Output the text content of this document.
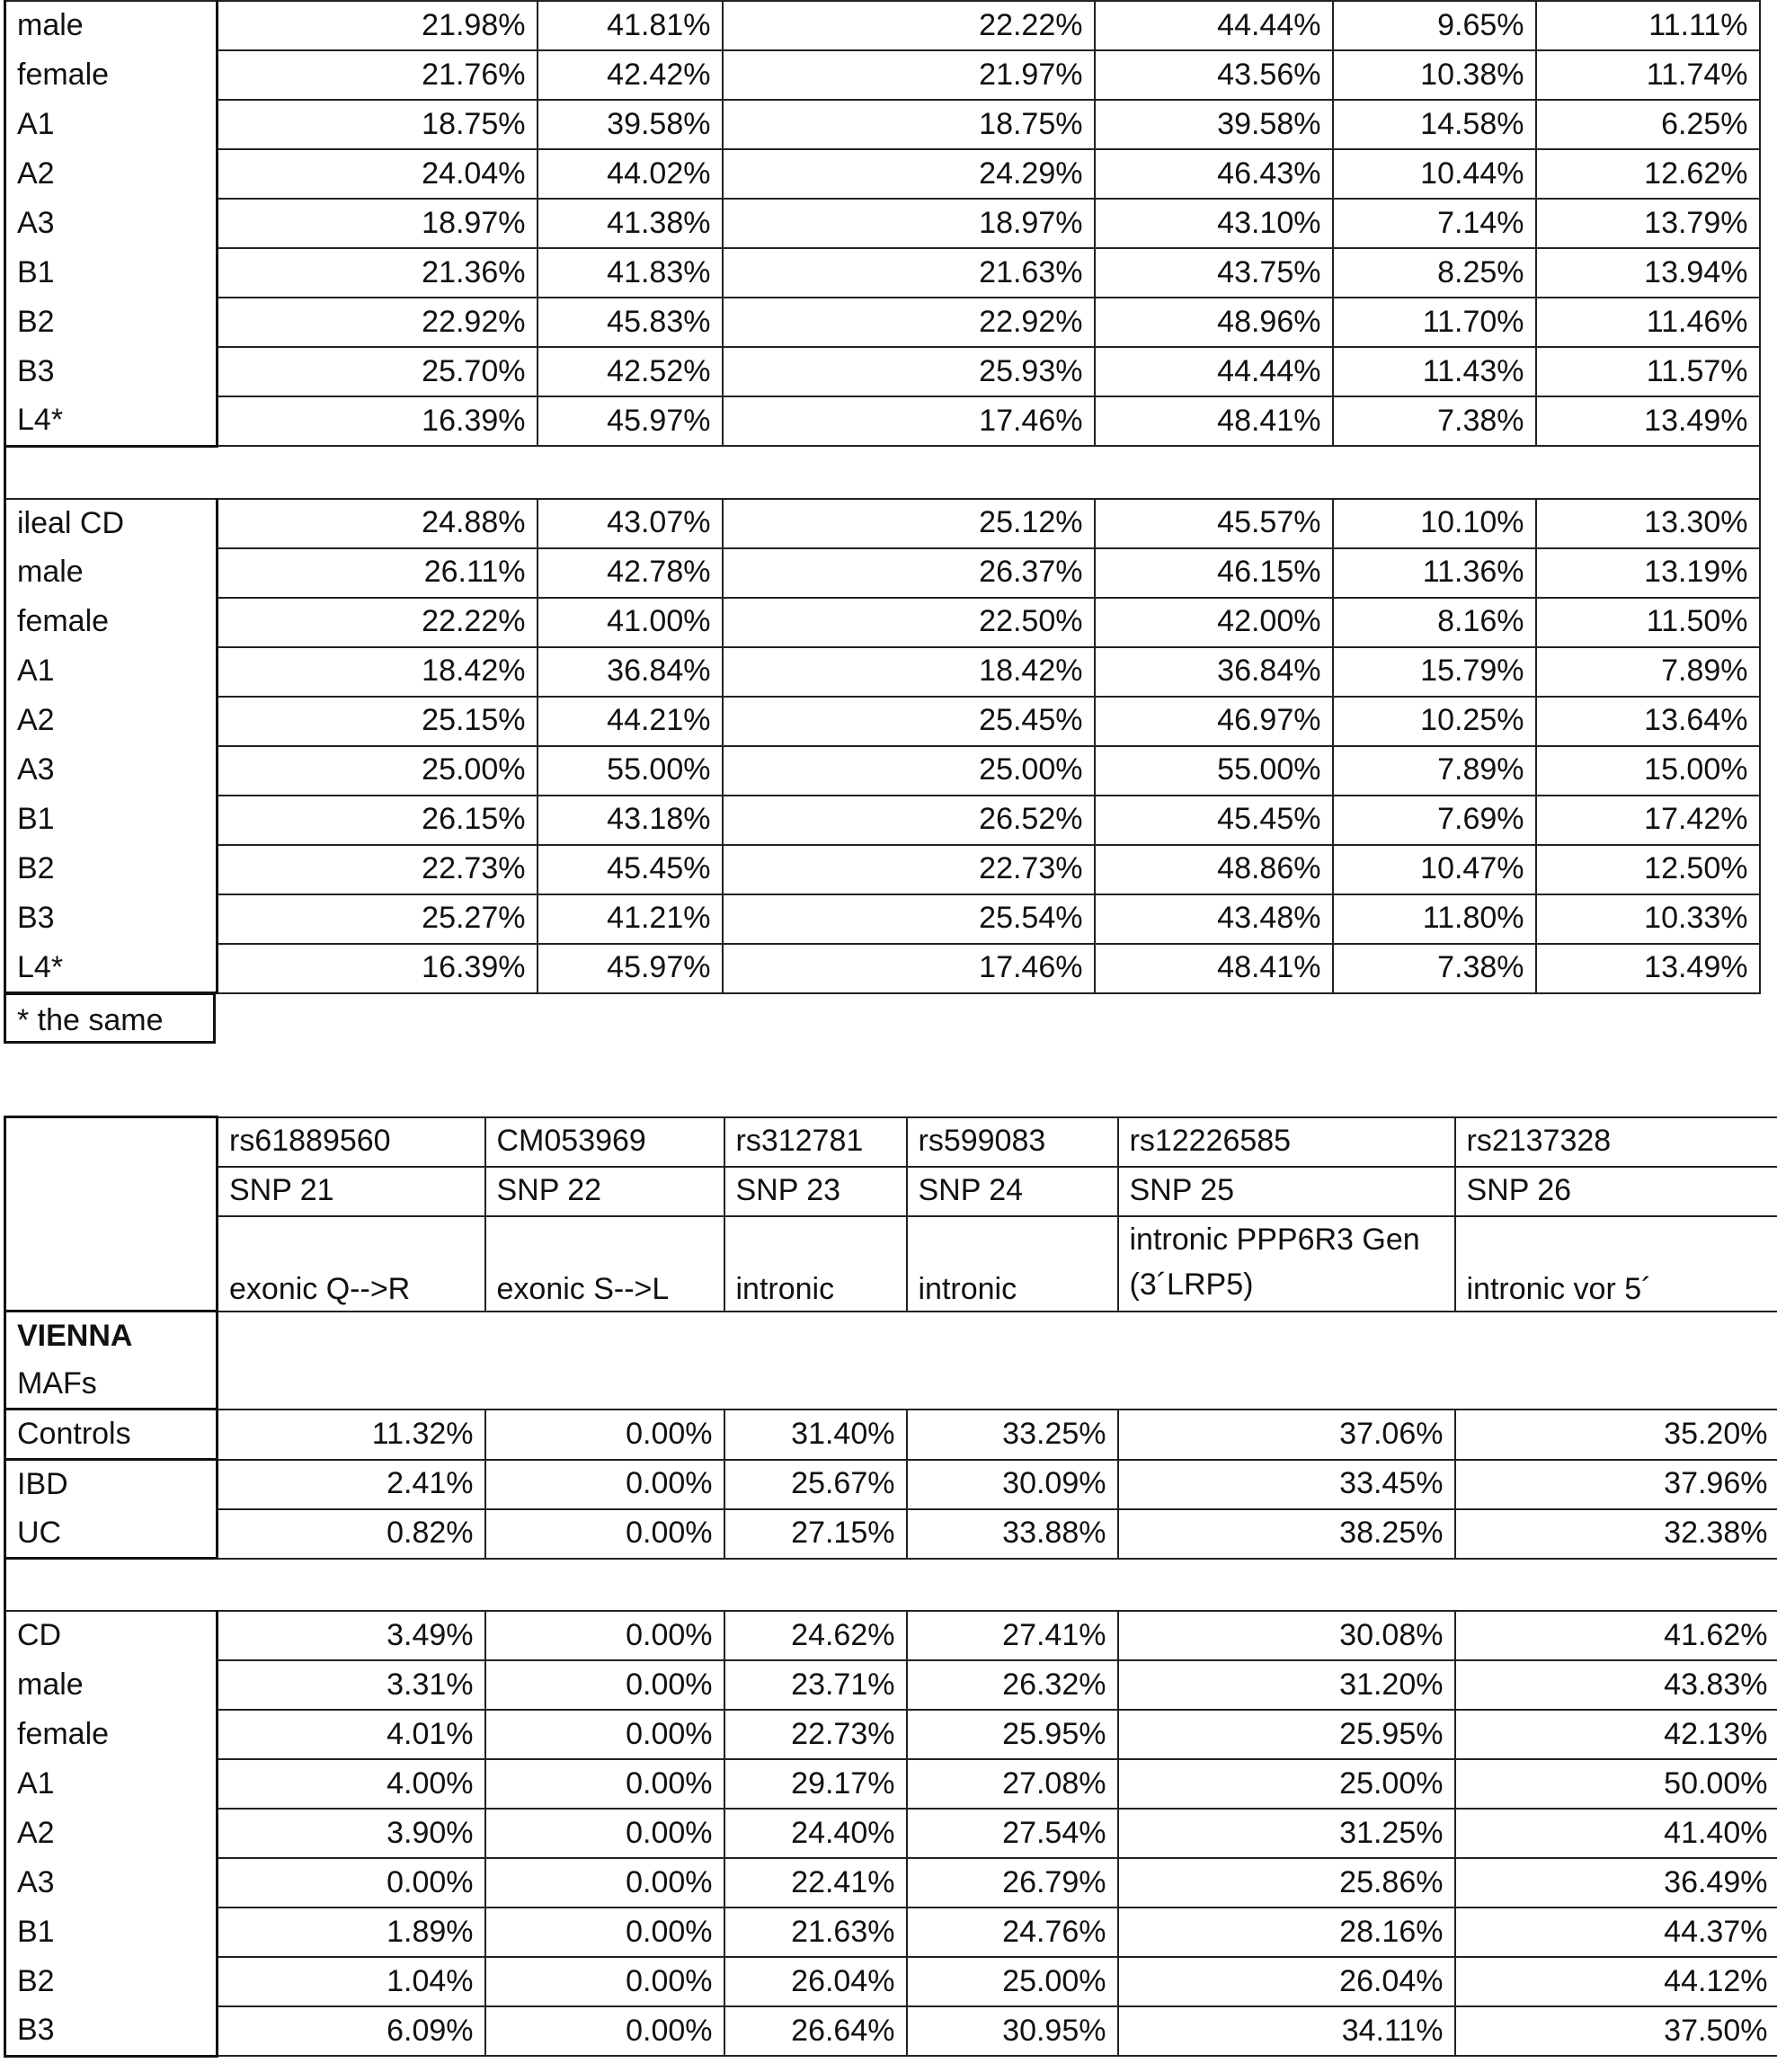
male	21.98%	41.81%	22.22%	44.44%	9.65%	11.11%
female	21.76%	42.42%	21.97%	43.56%	10.38%	11.74%
A1	18.75%	39.58%	18.75%	39.58%	14.58%	6.25%
A2	24.04%	44.02%	24.29%	46.43%	10.44%	12.62%
A3	18.97%	41.38%	18.97%	43.10%	7.14%	13.79%
B1	21.36%	41.83%	21.63%	43.75%	8.25%	13.94%
B2	22.92%	45.83%	22.92%	48.96%	11.70%	11.46%
B3	25.70%	42.52%	25.93%	44.44%	11.43%	11.57%
L4*	16.39%	45.97%	17.46%	48.41%	7.38%	13.49%

ileal CD	24.88%	43.07%	25.12%	45.57%	10.10%	13.30%
male	26.11%	42.78%	26.37%	46.15%	11.36%	13.19%
female	22.22%	41.00%	22.50%	42.00%	8.16%	11.50%
A1	18.42%	36.84%	18.42%	36.84%	15.79%	7.89%
A2	25.15%	44.21%	25.45%	46.97%	10.25%	13.64%
A3	25.00%	55.00%	25.00%	55.00%	7.89%	15.00%
B1	26.15%	43.18%	26.52%	45.45%	7.69%	17.42%
B2	22.73%	45.45%	22.73%	48.86%	10.47%	12.50%
B3	25.27%	41.21%	25.54%	43.48%	11.80%	10.33%
L4*	16.39%	45.97%	17.46%	48.41%	7.38%	13.49%
* the same
	rs61889560	CM053969	rs312781	rs599083	rs12226585	rs2137328
	SNP 21	SNP 22	SNP 23	SNP 24	SNP 25	SNP 26
	exonic Q-->R	exonic S-->L	intronic	intronic	intronic PPP6R3 Gen (3´LRP5)	intronic vor 5´
VIENNA						
MAFs						
Controls	11.32%	0.00%	31.40%	33.25%	37.06%	35.20%
IBD	2.41%	0.00%	25.67%	30.09%	33.45%	37.96%
UC	0.82%	0.00%	27.15%	33.88%	38.25%	32.38%

CD	3.49%	0.00%	24.62%	27.41%	30.08%	41.62%
male	3.31%	0.00%	23.71%	26.32%	31.20%	43.83%
female	4.01%	0.00%	22.73%	25.95%	25.95%	42.13%
A1	4.00%	0.00%	29.17%	27.08%	25.00%	50.00%
A2	3.90%	0.00%	24.40%	27.54%	31.25%	41.40%
A3	0.00%	0.00%	22.41%	26.79%	25.86%	36.49%
B1	1.89%	0.00%	21.63%	24.76%	28.16%	44.37%
B2	1.04%	0.00%	26.04%	25.00%	26.04%	44.12%
B3	6.09%	0.00%	26.64%	30.95%	34.11%	37.50%
